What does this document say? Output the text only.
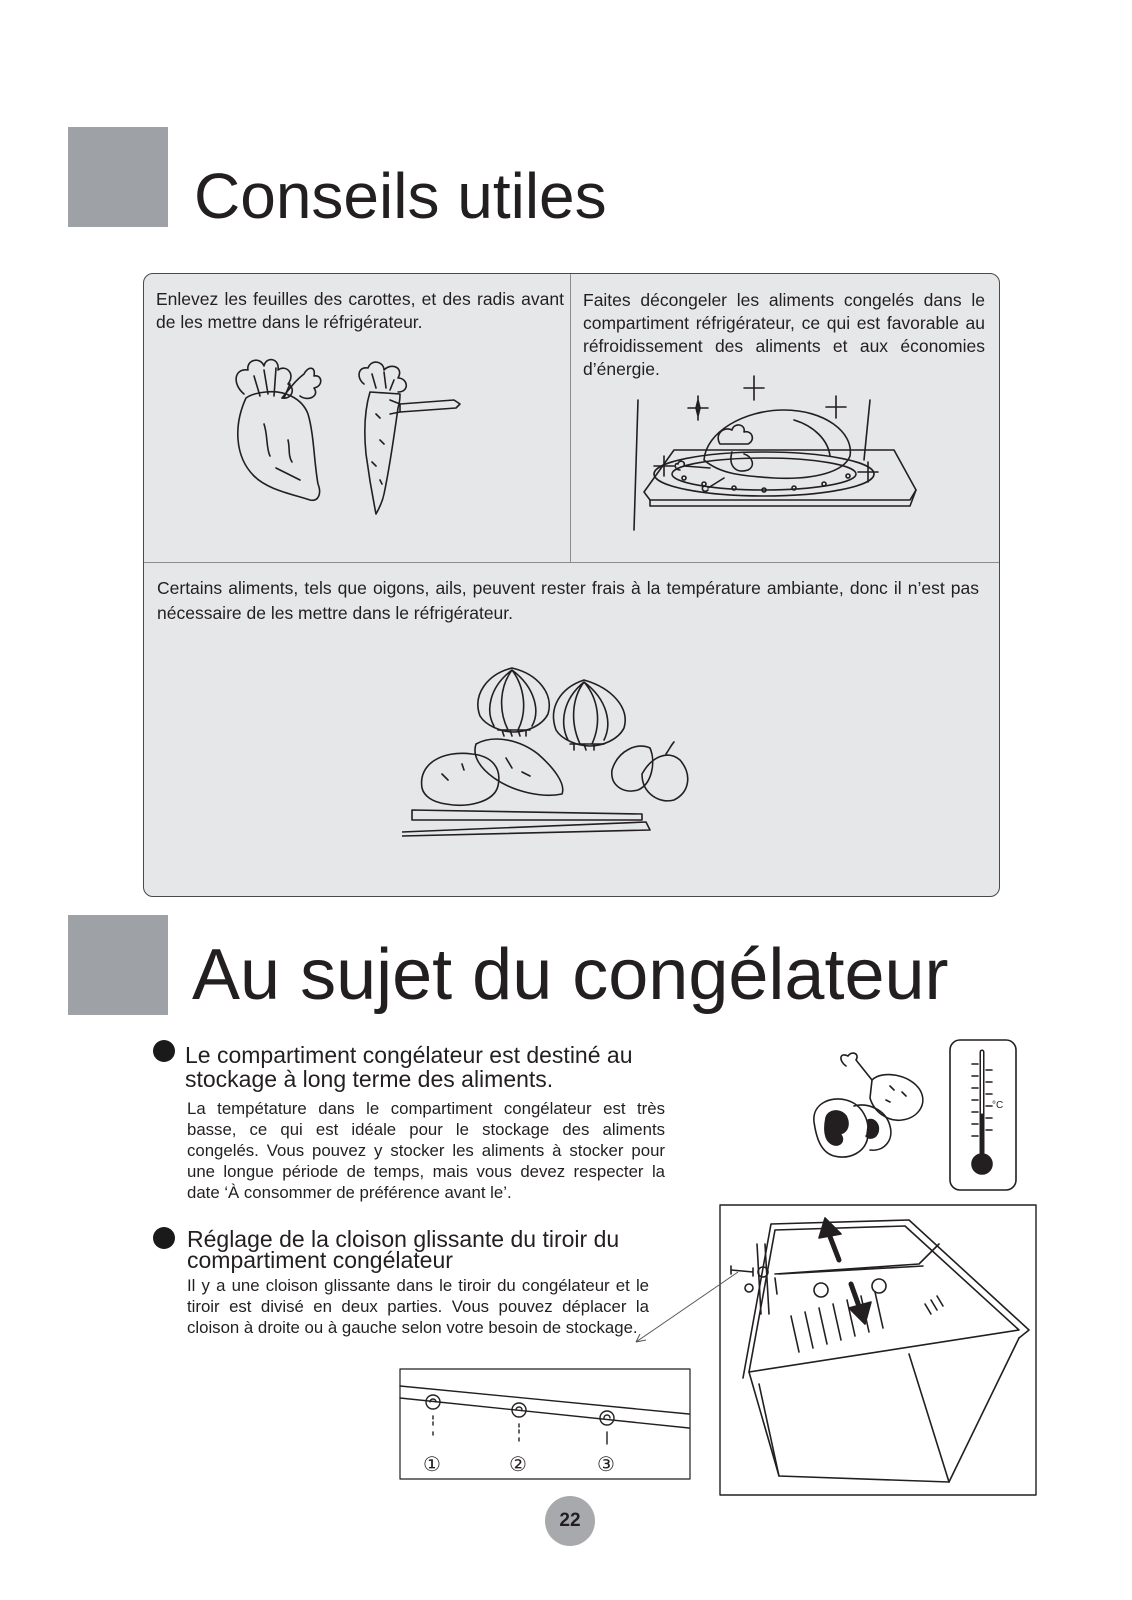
Conseils utiles
Enlevez les feuilles des carottes, et des radis avant de les mettre dans le réfrigérateur.
Faites décongeler les aliments congelés dans le compartiment réfrigérateur, ce qui est favorable au réfroidissement des aliments et aux économies d’énergie.
Certains aliments, tels que oigons, ails, peuvent rester frais à la température ambiante, donc il n’est pas nécessaire de les mettre dans le réfrigérateur.
Au sujet du congélateur
Le compartiment congélateur est destiné au stockage à long terme des aliments.
La tempétature dans le compartiment congélateur est très basse, ce qui est idéale pour le stockage des aliments congelés. Vous pouvez y stocker les aliments à stocker pour une longue période de temps, mais vous devez respecter la date ‘À consommer de préférence avant le’.
Réglage de la cloison glissante du tiroir du compartiment congélateur
Il y a une cloison glissante dans le tiroir du congélateur et le tiroir est divisé en deux parties. Vous pouvez déplacer la cloison à droite ou à gauche selon votre besoin de stockage.
°C
①	②	③
22
